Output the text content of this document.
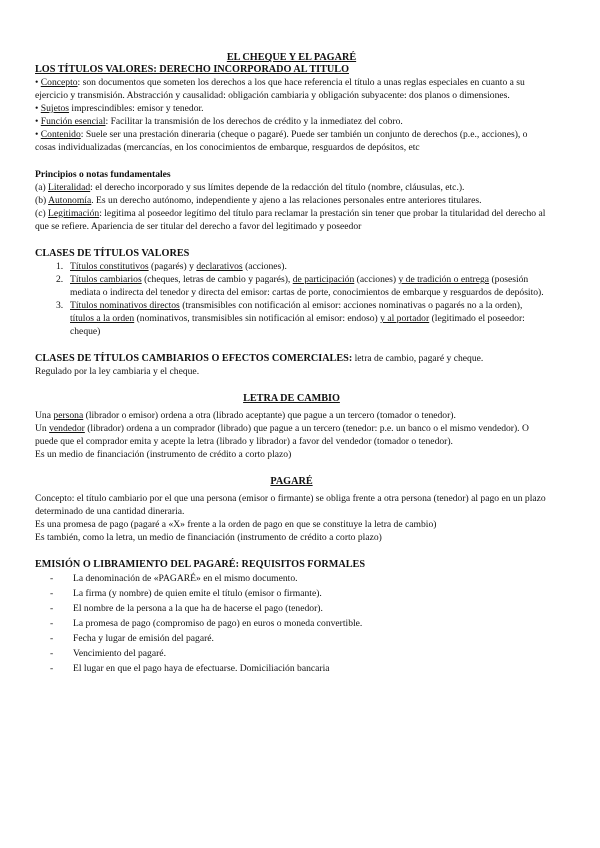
EL CHEQUE Y EL PAGARÉ
LOS TÍTULOS VALORES: DERECHO INCORPORADO AL TITULO

• Concepto: son documentos que someten los derechos a los que hace referencia el título a unas reglas especiales en cuanto a su ejercicio y transmisión. Abstracción y causalidad: obligación cambiaria y obligación subyacente: dos planos o dimensiones.

• Sujetos imprescindibles: emisor y tenedor.

• Función esencial: Facilitar la transmisión de los derechos de crédito y la inmediatez del cobro.

• Contenido: Suele ser una prestación dineraria (cheque o pagaré). Puede ser también un conjunto de derechos (p.e., acciones), o cosas individualizadas (mercancías, en los conocimientos de embarque, resguardos de depósitos, etc

Principios o notas fundamentales

(a) Literalidad: el derecho incorporado y sus límites depende de la redacción del título (nombre, cláusulas, etc.).

(b) Autonomía. Es un derecho autónomo, independiente y ajeno a las relaciones personales entre anteriores titulares.

(c) Legitimación: legitima al poseedor legítimo del título para reclamar la prestación sin tener que probar la titularidad del derecho al que se refiere. Apariencia de ser titular del derecho a favor del legitimado y poseedor

CLASES DE TÍTULOS VALORES

1. Títulos constitutivos (pagarés) y declarativos (acciones).
2. Títulos cambiarios (cheques, letras de cambio y pagarés), de participación (acciones) y de tradición o entrega (posesión mediata o indirecta del tenedor y directa del emisor: cartas de porte, conocimientos de embarque y resguardos de depósito).
3. Títulos nominativos directos (transmisibles con notificación al emisor: acciones nominativas o pagarés no a la orden), títulos a la orden (nominativos, transmisibles sin notificación al emisor: endoso) y al portador (legitimado el poseedor: cheque)

CLASES DE TÍTULOS CAMBIARIOS O EFECTOS COMERCIALES: letra de cambio, pagaré y cheque.

Regulado por la ley cambiaria y el cheque.

LETRA DE CAMBIO

Una persona (librador o emisor) ordena a otra (librado aceptante) que pague a un tercero (tomador o tenedor).

Un vendedor (librador) ordena a un comprador (librado) que pague a un tercero (tenedor: p.e. un banco o el mismo vendedor). O puede que el comprador emita y acepte la letra (librado y librador) a favor del vendedor (tomador o tenedor).

Es un medio de financiación (instrumento de crédito a corto plazo)

PAGARÉ

Concepto: el título cambiario por el que una persona (emisor o firmante) se obliga frente a otra persona (tenedor) al pago en un plazo determinado de una cantidad dineraria.

Es una promesa de pago (pagaré a «X» frente a la orden de pago en que se constituye la letra de cambio)

Es también, como la letra, un medio de financiación (instrumento de crédito a corto plazo)

EMISIÓN O LIBRAMIENTO DEL PAGARÉ: REQUISITOS FORMALES

- La denominación de «PAGARÉ» en el mismo documento.
- La firma (y nombre) de quien emite el título (emisor o firmante).
- El nombre de la persona a la que ha de hacerse el pago (tenedor).
- La promesa de pago (compromiso de pago) en euros o moneda convertible.
- Fecha y lugar de emisión del pagaré.
- Vencimiento del pagaré.
- El lugar en que el pago haya de efectuarse. Domiciliación bancaria
